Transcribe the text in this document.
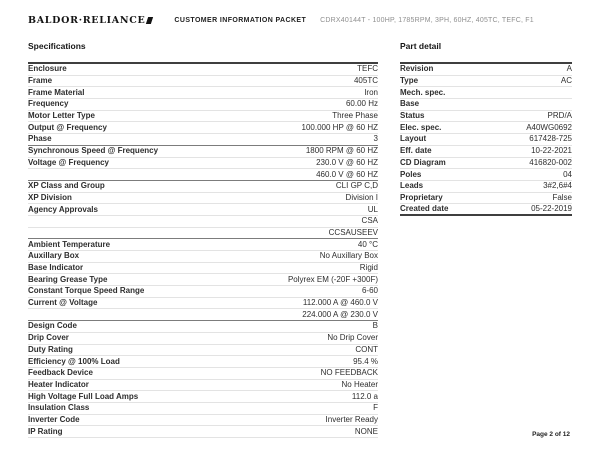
BALDOR·RELIANCE	CUSTOMER INFORMATION PACKET CDRX40144T - 100HP, 1785RPM, 3PH, 60HZ, 405TC, TEFC, F1
Specifications
Enclosure	TEFC
Frame	405TC
Frame Material	Iron
Frequency	60.00 Hz
Motor Letter Type	Three Phase
Output @ Frequency	100.000 HP @ 60 HZ
Phase	3
Synchronous Speed @ Frequency	1800 RPM @ 60 HZ
Voltage @ Frequency	230.0 V @ 60 HZ
460.0 V @ 60 HZ
XP Class and Group	CLI GP C,D
XP Division	Division I
Agency Approvals	UL
CSA
CCSAUSEEV
Ambient Temperature	40 °C
Auxillary Box	No Auxillary Box
Base Indicator	Rigid
Bearing Grease Type	Polyrex EM (-20F +300F)
Constant Torque Speed Range	6-60
Current @ Voltage	112.000 A @ 460.0 V
224.000 A @ 230.0 V
Design Code	B
Drip Cover	No Drip Cover
Duty Rating	CONT
Efficiency @ 100% Load	95.4 %
Feedback Device	NO FEEDBACK
Heater Indicator	No Heater
High Voltage Full Load Amps	112.0 a
Insulation Class	F
Inverter Code	Inverter Ready
IP Rating	NONE
Part detail
Revision	A
Type	AC
Mech. spec.
Base
Status	PRD/A
Elec. spec.	A40WG0692
Layout	617428-725
Eff. date	10-22-2021
CD Diagram	416820-002
Poles	04
Leads	3#2,6#4
Proprietary	False
Created date	05-22-2019
Page 2 of 12
